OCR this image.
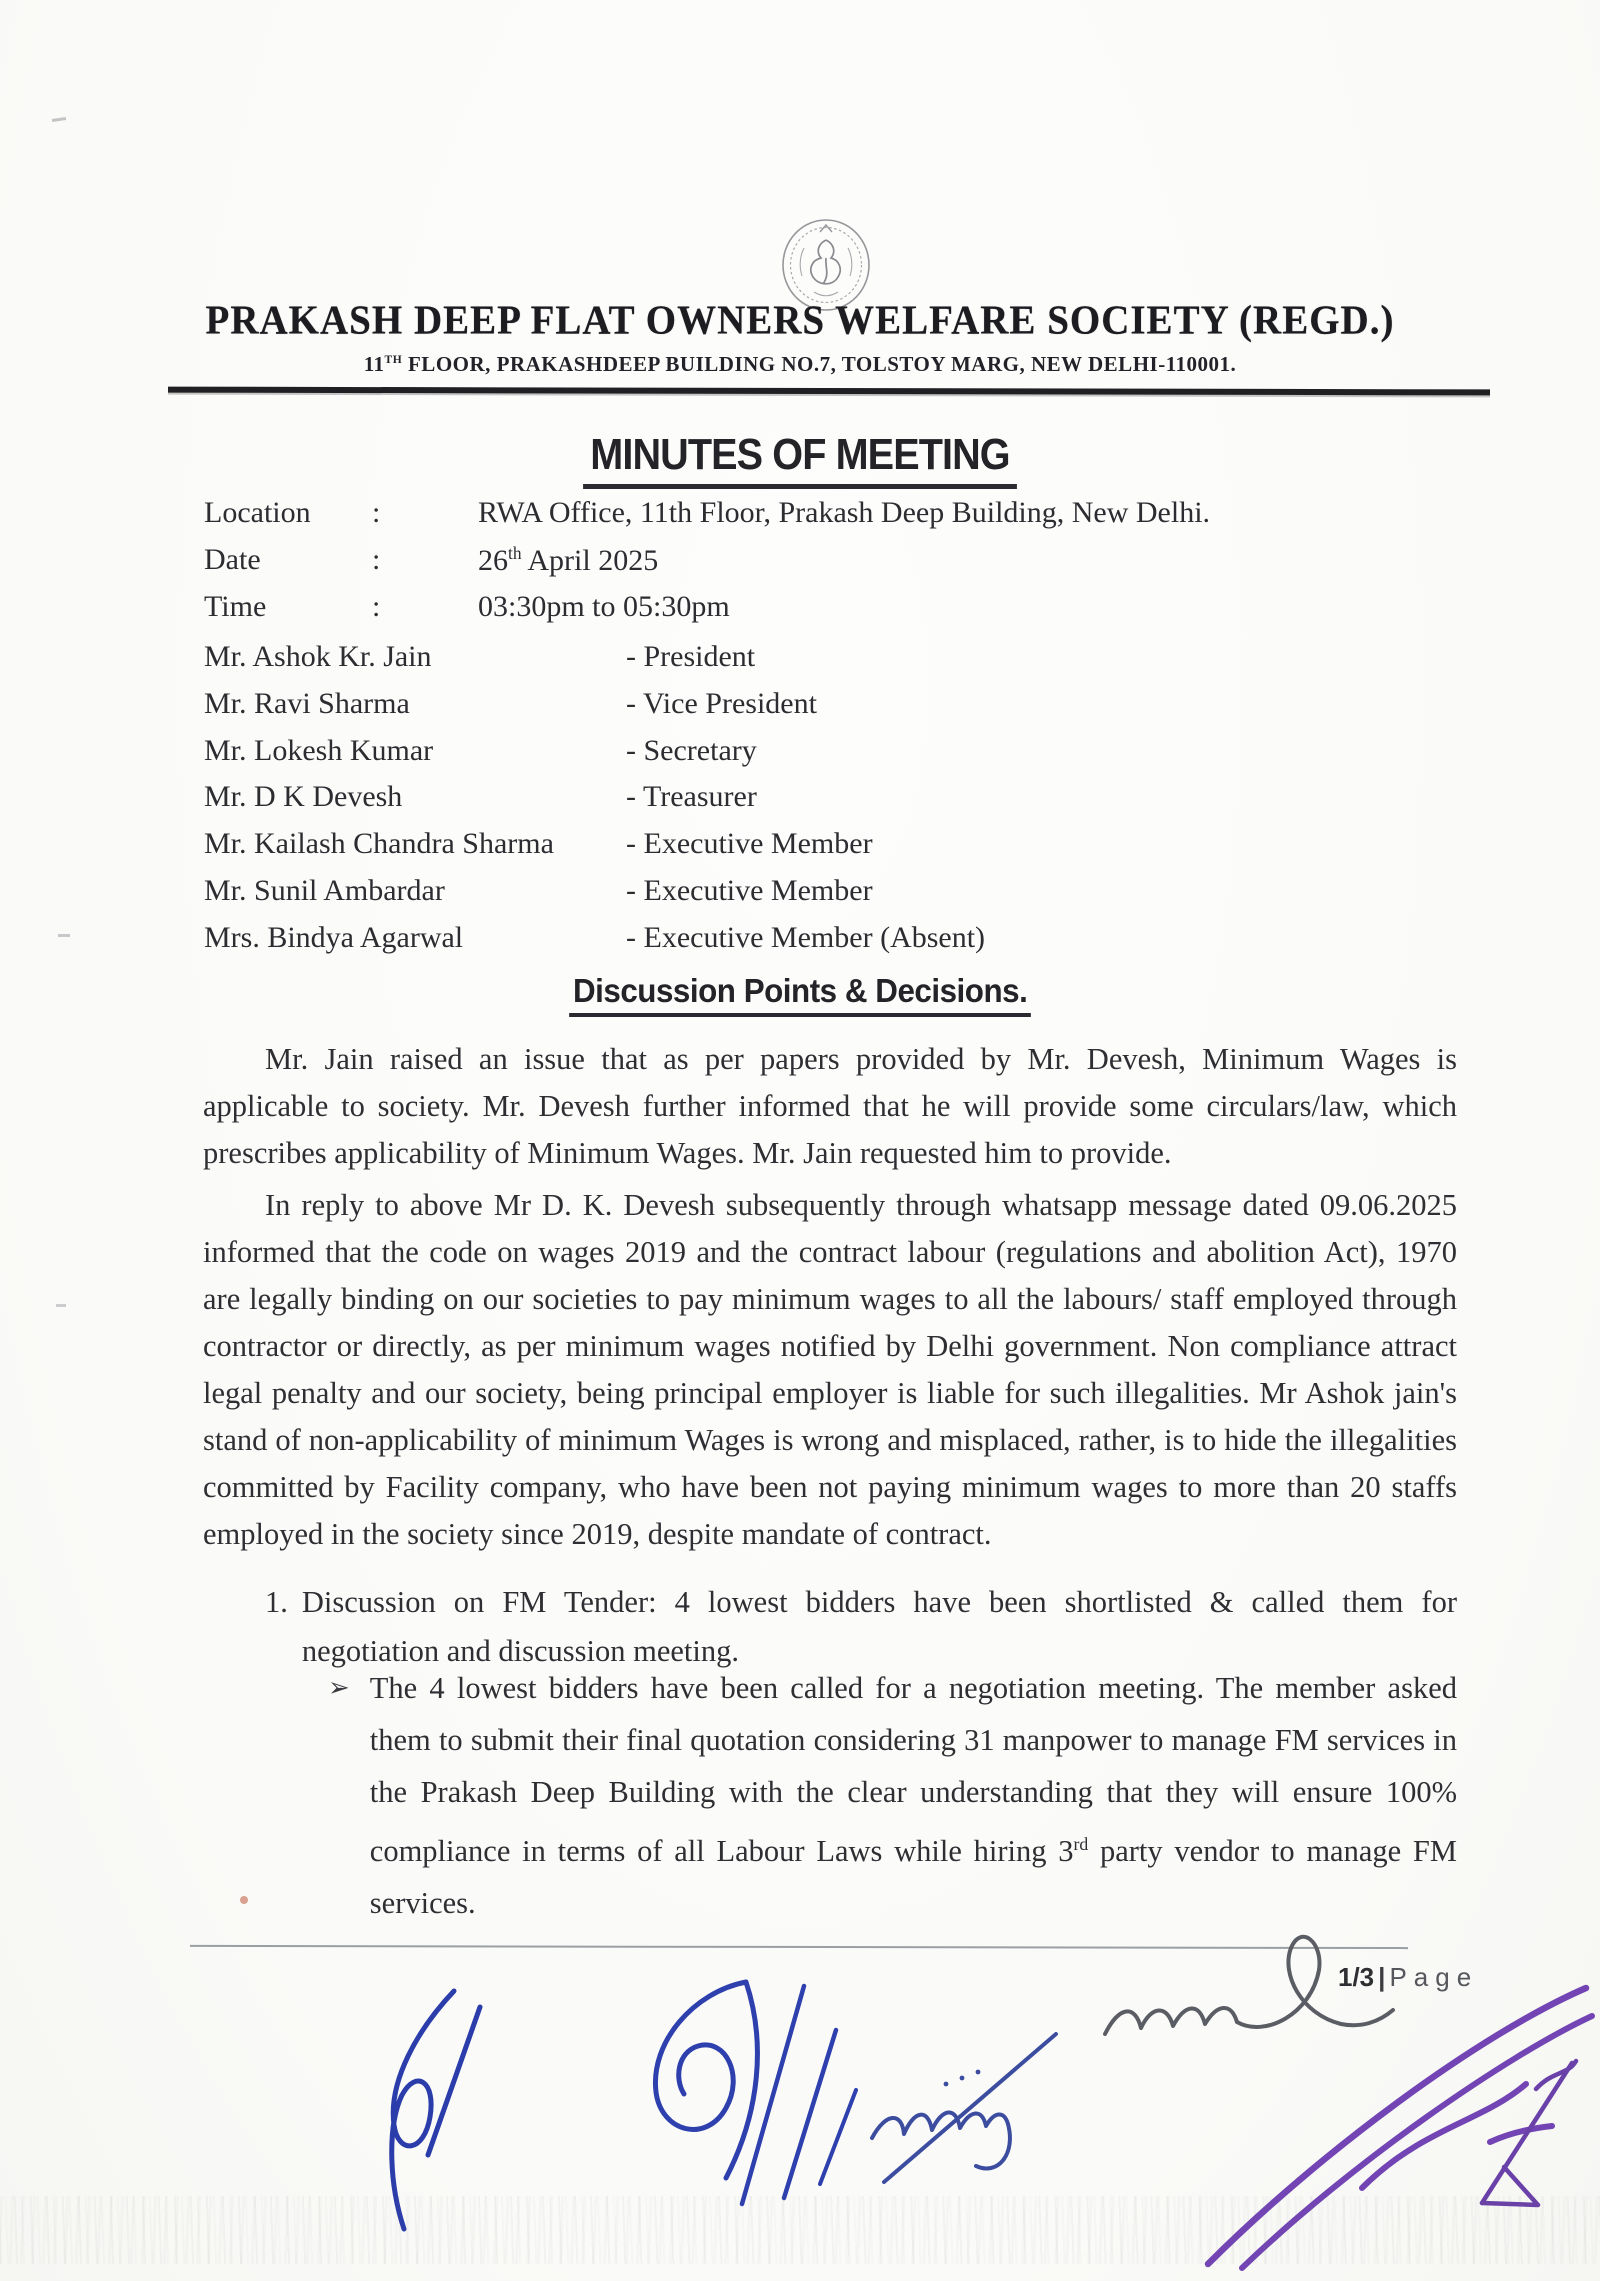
PRAKASH DEEP FLAT OWNERS WELFARE SOCIETY (REGD.)
11TH FLOOR, PRAKASHDEEP BUILDING NO.7, TOLSTOY MARG, NEW DELHI-110001.
MINUTES OF MEETING
Location :	RWA Office, 11th Floor, Prakash Deep Building, New Delhi.
Date	:	26th April 2025
Time	:	03:30pm to 05:30pm
Mr. Ashok Kr. Jain	- President
Mr. Ravi Sharma	- Vice President
Mr. Lokesh Kumar	- Secretary
Mr. D K Devesh	- Treasurer
Mr. Kailash Chandra Sharma - Executive Member
Mr. Sunil Ambardar	- Executive Member
Mrs. Bindya Agarwal	- Executive Member (Absent)
Discussion Points & Decisions.
Mr. Jain raised an issue that as per papers provided by Mr. Devesh, Minimum Wages is applicable to society. Mr. Devesh further informed that he will provide some circulars/law, which prescribes applicability of Minimum Wages. Mr. Jain requested him to provide.
In reply to above Mr D. K. Devesh subsequently through whatsapp message dated 09.06.2025 informed that the code on wages 2019 and the contract labour (regulations and abolition Act), 1970 are legally binding on our societies to pay minimum wages to all the labours/ staff employed through contractor or directly, as per minimum wages notified by Delhi government. Non compliance attract legal penalty and our society, being principal employer is liable for such illegalities. Mr Ashok jain's stand of non-applicability of minimum Wages is wrong and misplaced, rather, is to hide the illegalities committed by Facility company, who have been not paying minimum wages to more than 20 staffs employed in the society since 2019, despite mandate of contract.
1. Discussion on FM Tender: 4 lowest bidders have been shortlisted & called them for negotiation and discussion meeting.
➢ The 4 lowest bidders have been called for a negotiation meeting. The member asked them to submit their final quotation considering 31 manpower to manage FM services in the Prakash Deep Building with the clear understanding that they will ensure 100% compliance in terms of all Labour Laws while hiring 3rd party vendor to manage FM services.
1/3 | Page
